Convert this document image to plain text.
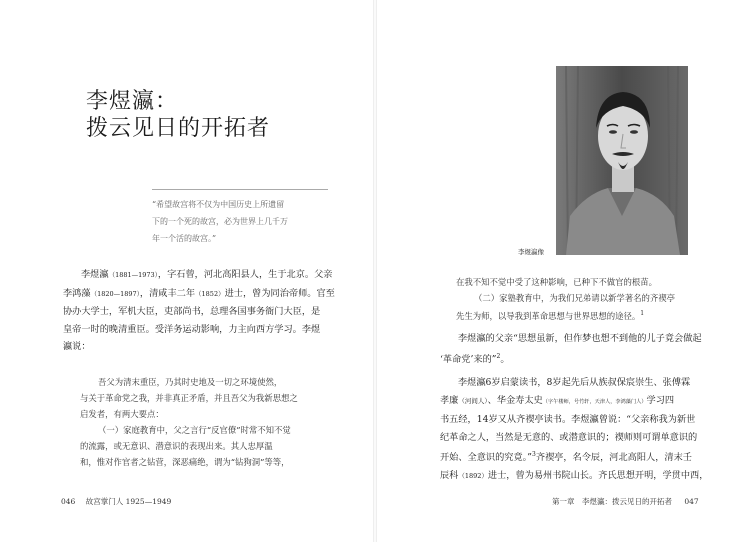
李煜瀛：
拨云见日的开拓者
“希望故宫将不仅为中国历史上所遗留
下的一个死的故宫，必为世界上几千万
年一个活的故宫。”

李煜瀛（1881—1973），字石曾，河北高阳县人，生于北京。父亲

李鸿藻（1820—1897），清咸丰二年（1852）进士，曾为同治帝师。官至

协办大学士，军机大臣，吏部尚书，总理各国事务衙门大臣，是

皇帝一时的晚清重臣。受洋务运动影响，力主向西方学习。李煜

瀛说：

吾父为清末重臣，乃其时史地及一切之环境使然，

与关于革命党之我，并非真正矛盾，并且吾父为我新思想之

启发者，有两大要点：

（一）家庭教育中，父之言行“反官僚”时常不知不觉

的流露，或无意识、潜意识的表现出来。其人忠厚温

和，惟对作官者之钻营，深恶痛绝，谓为“钻狗洞”等等，

046 故宫掌门人 1925—1949
李煜瀛像

在我不知不觉中受了这种影响，已种下不做官的根苗。

（二）家塾教育中，为我们兄弟请以新学著名的齐禊亭

先生为师，以导我到革命思想与世界思想的途径。$^1$

李煜瀛的父亲“思想虽新，但作梦也想不到他的儿子竟会做起

‘革命党’来的”$^2$。

李煜瀛6岁启蒙读书，8岁起先后从族叔保宸崇生、张傅霖

孝廉（河间人）、华金寿太史（字午楼师，号竹轩，天津人，李鸿藻门人）学习四

书五经，14岁又从齐禊亭读书。李煜瀛曾说：“父亲称我为新世

纪革命之人，当然是无意的、或潜意识的；禊师则可谓单意识的

开始、全意识的究竟。”$^3$齐禊亭，名令辰，河北高阳人，清末壬

辰科（1892）进士，曾为易州书院山长。齐氏思想开明，学贯中西，

第一章　李煜瀛：拨云见日的开拓者 047
